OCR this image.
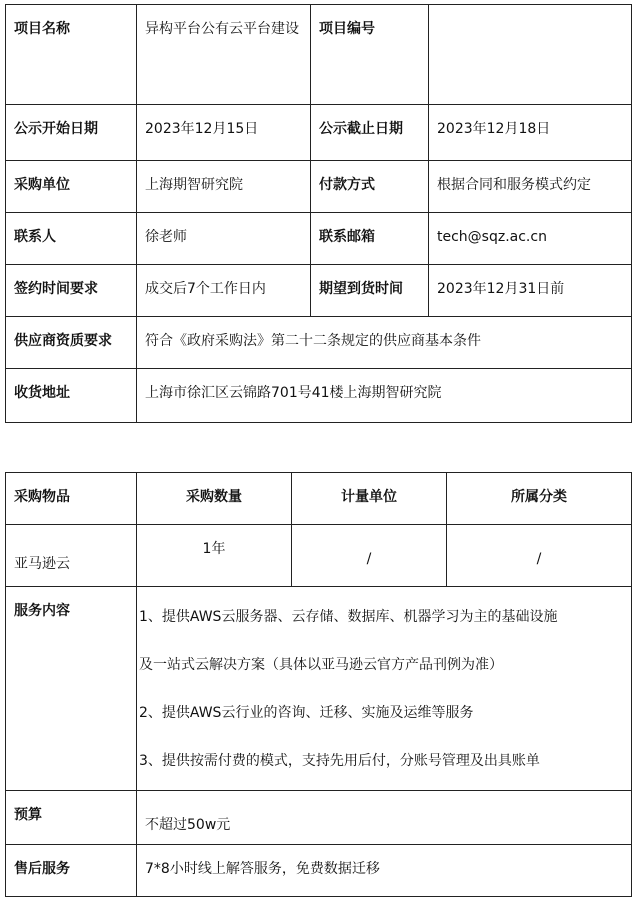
项目名称	异构平台公有云平台建设	项目编号	
公示开始日期	2023年12月15日	公示截止日期	2023年12月18日
采购单位	上海期智研究院	付款方式	根据合同和服务模式约定
联系人	徐老师	联系邮箱	tech@sqz.ac.cn
签约时间要求	成交后7个工作日内	期望到货时间	2023年12月31日前
供应商资质要求	符合《政府采购法》第二十二条规定的供应商基本条件		
收货地址	上海市徐汇区云锦路701号41楼上海期智研究院		
采购物品	采购数量	计量单位	所属分类
亚马逊云	1年	/	/
服务内容	1、提供AWS云服务器、云存储、数据库、机器学习为主的基础设施
及一站式云解决方案（具体以亚马逊云官方产品刊例为准）
2、提供AWS云行业的咨询、迁移、实施及运维等服务
3、提供按需付费的模式，支持先用后付，分账号管理及出具账单		

预算	不超过50w元		
售后服务	7*8小时线上解答服务，免费数据迁移		
